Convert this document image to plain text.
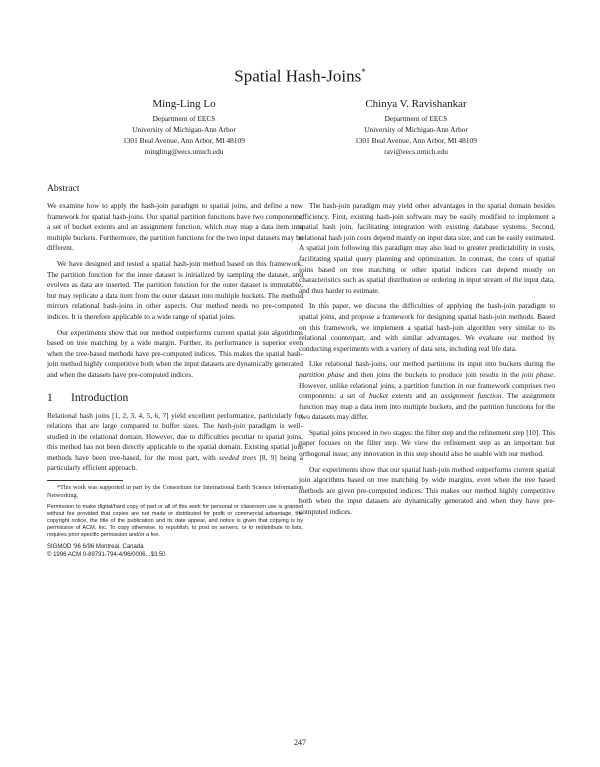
Spatial Hash-Joins*
Ming-Ling Lo
Department of EECS
University of Michigan-Ann Arbor
1301 Beal Avenue, Ann Arbor, MI 48109
mingling@eecs.umich.edu
Chinya V. Ravishankar
Department of EECS
University of Michigan-Ann Arbor
1301 Beal Avenue, Ann Arbor, MI 48109
ravi@eecs.umich.edu
Abstract

We examine how to apply the hash-join paradigm to spatial joins, and define a new framework for spatial hash-joins. Our spatial partition functions have two components: a set of bucket extents and an assignment function, which may map a data item into multiple buckets. Furthermore, the partition functions for the two input datasets may be different.

We have designed and tested a spatial hash-join method based on this framework. The partition function for the inner dataset is initialized by sampling the dataset, and evolves as data are inserted. The partition function for the outer dataset is immutable, but may replicate a data item from the outer dataset into multiple buckets. The method mirrors relational hash-joins in other aspects. Our method needs no pre-computed indices. It is therefore applicable to a wide range of spatial joins.

Our experiments show that our method outperforms current spatial join algorithms based on tree matching by a wide margin. Further, its performance is superior even when the tree-based methods have pre-computed indices. This makes the spatial hash-join method highly competitive both when the input datasets are dynamically generated and when the datasets have pre-computed indices.

1 Introduction

Relational hash joins [1, 2, 3, 4, 5, 6, 7] yield excellent performance, particularly for relations that are large compared to buffer sizes. The hash-join paradigm is well-studied in the relational domain. However, due to difficulties peculiar to spatial joins, this method has not been directly applicable to the spatial domain. Existing spatial join methods have been tree-based, for the most part, with seeded trees [8, 9] being a particularly efficient approach.

*This work was supported in part by the Consortium for International Earth Science Information Networking.

Permission to make digital/hard copy of part or all of this work for personal or classroom use is granted without fee provided that copies are not made or distributed for profit or commercial advantage, the copyright notice, the title of the publication and its date appear, and notice is given that copying is by permission of ACM, Inc. To copy otherwise, to republish, to post on servers, or to redistribute to lists, requires prior specific permission and/or a fee.

SIGMOD '96 6/96 Montreal, Canada
© 1996 ACM 0-89791-794-4/96/0006...$3.50

The hash-join paradigm may yield other advantages in the spatial domain besides efficiency. First, existing hash-join software may be easily modified to implement a spatial hash join, facilitating integration with existing database systems. Second, relational hash join costs depend mainly on input data size, and can be easily estimated. A spatial join following this paradigm may also lead to greater predictability in costs, facilitating spatial query planning and optimization. In contrast, the costs of spatial joins based on tree matching or other spatial indices can depend mostly on characteristics such as spatial distribution or ordering in input stream of the input data, and thus harder to estimate.

In this paper, we discuss the difficulties of applying the hash-join paradigm to spatial joins, and propose a framework for designing spatial hash-join methods. Based on this framework, we implement a spatial hash-join algorithm very similar to its relational counterpart, and with similar advantages. We evaluate our method by conducting experiments with a variety of data sets, including real life data.

Like relational hash-joins, our method partitions its input into buckets during the partition phase and then joins the buckets to produce join results in the join phase. However, unlike relational joins, a partition function in our framework comprises two components: a set of bucket extents and an assignment function. The assignment function may map a data item into multiple buckets, and the partition functions for the two datasets may differ.

Spatial joins proceed in two stages: the filter step and the refinement step [10]. This paper focuses on the filter step. We view the refinement step as an important but orthogonal issue; any innovation in this step should also be usable with our method.

Our experiments show that our spatial hash-join method outperforms current spatial join algorithms based on tree matching by wide margins, even when the tree based methods are given pre-computed indices. This makes our method highly competitive both when the input datasets are dynamically generated and when they have pre-computed indices.

247
